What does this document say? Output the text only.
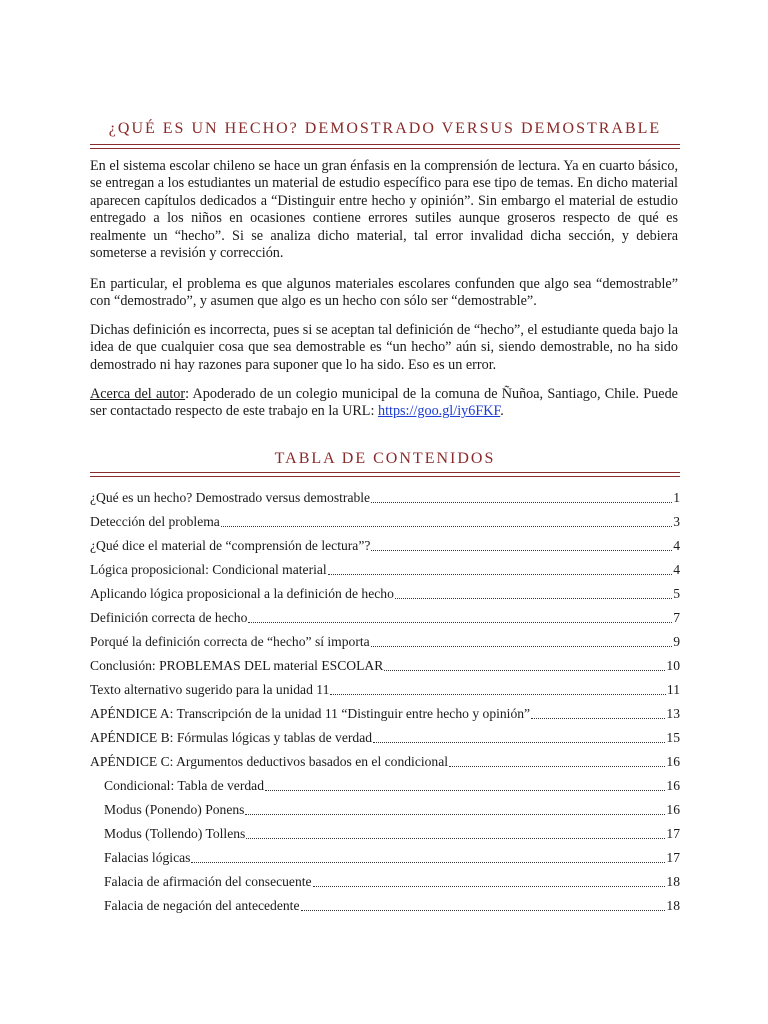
¿QUÉ ES UN HECHO? DEMOSTRADO VERSUS DEMOSTRABLE

En el sistema escolar chileno se hace un gran énfasis en la comprensión de lectura. Ya en cuarto básico, se entregan a los estudiantes un material de estudio específico para ese tipo de temas. En dicho material aparecen capítulos dedicados a “Distinguir entre hecho y opinión”. Sin embargo el material de estudio entregado a los niños en ocasiones contiene errores sutiles aunque groseros respecto de qué es realmente un “hecho”. Si se analiza dicho material, tal error invalidad dicha sección, y debiera someterse a revisión y corrección.

En particular, el problema es que algunos materiales escolares confunden que algo sea “demostrable” con “demostrado”, y asumen que algo es un hecho con sólo ser “demostrable”.

Dichas definición es incorrecta, pues si se aceptan tal definición de “hecho”, el estudiante queda bajo la idea de que cualquier cosa que sea demostrable es “un hecho” aún si, siendo demostrable, no ha sido demostrado ni hay razones para suponer que lo ha sido. Eso es un error.

Acerca del autor: Apoderado de un colegio municipal de la comuna de Ñuñoa, Santiago, Chile. Puede ser contactado respecto de este trabajo en la URL: https://goo.gl/iy6FKF.

TABLA DE CONTENIDOS
¿Qué es un hecho? Demostrado versus demostrable	1
Detección del problema	3
¿Qué dice el material de “comprensión de lectura”?	4
Lógica proposicional: Condicional material	4
Aplicando lógica proposicional a la definición de hecho	5
Definición correcta de hecho	7
Porqué la definición correcta de “hecho” sí importa	9
Conclusión: PROBLEMAS DEL material ESCOLAR	10
Texto alternativo sugerido para la unidad 11	11
APÉNDICE A: Transcripción de la unidad 11 “Distinguir entre hecho y opinión”	13
APÉNDICE B: Fórmulas lógicas y tablas de verdad	15
APÉNDICE C: Argumentos deductivos basados en el condicional	16
Condicional: Tabla de verdad	16
Modus (Ponendo) Ponens	16
Modus (Tollendo) Tollens	17
Falacias lógicas	17
Falacia de afirmación del consecuente	18
Falacia de negación del antecedente	18
